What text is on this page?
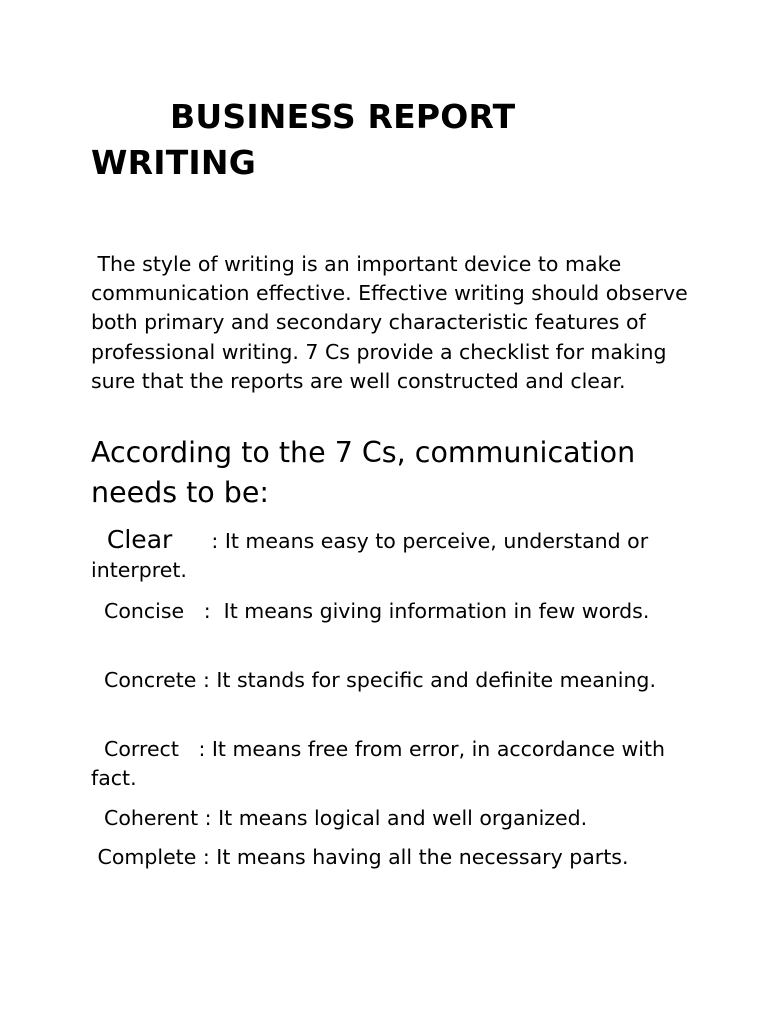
BUSINESS REPORT WRITING

The style of writing is an important device to make communication effective. Effective writing should observe both primary and secondary characteristic features of professional writing. 7 Cs provide a checklist for making sure that the reports are well constructed and clear.

According to the 7 Cs, communication needs to be:

Clear : It means easy to perceive, understand or interpret.

Concise :  It means giving information in few words.

Concrete : It stands for specific and definite meaning.

Correct : It means free from error, in accordance with fact.

Coherent : It means logical and well organized.

Complete : It means having all the necessary parts.
